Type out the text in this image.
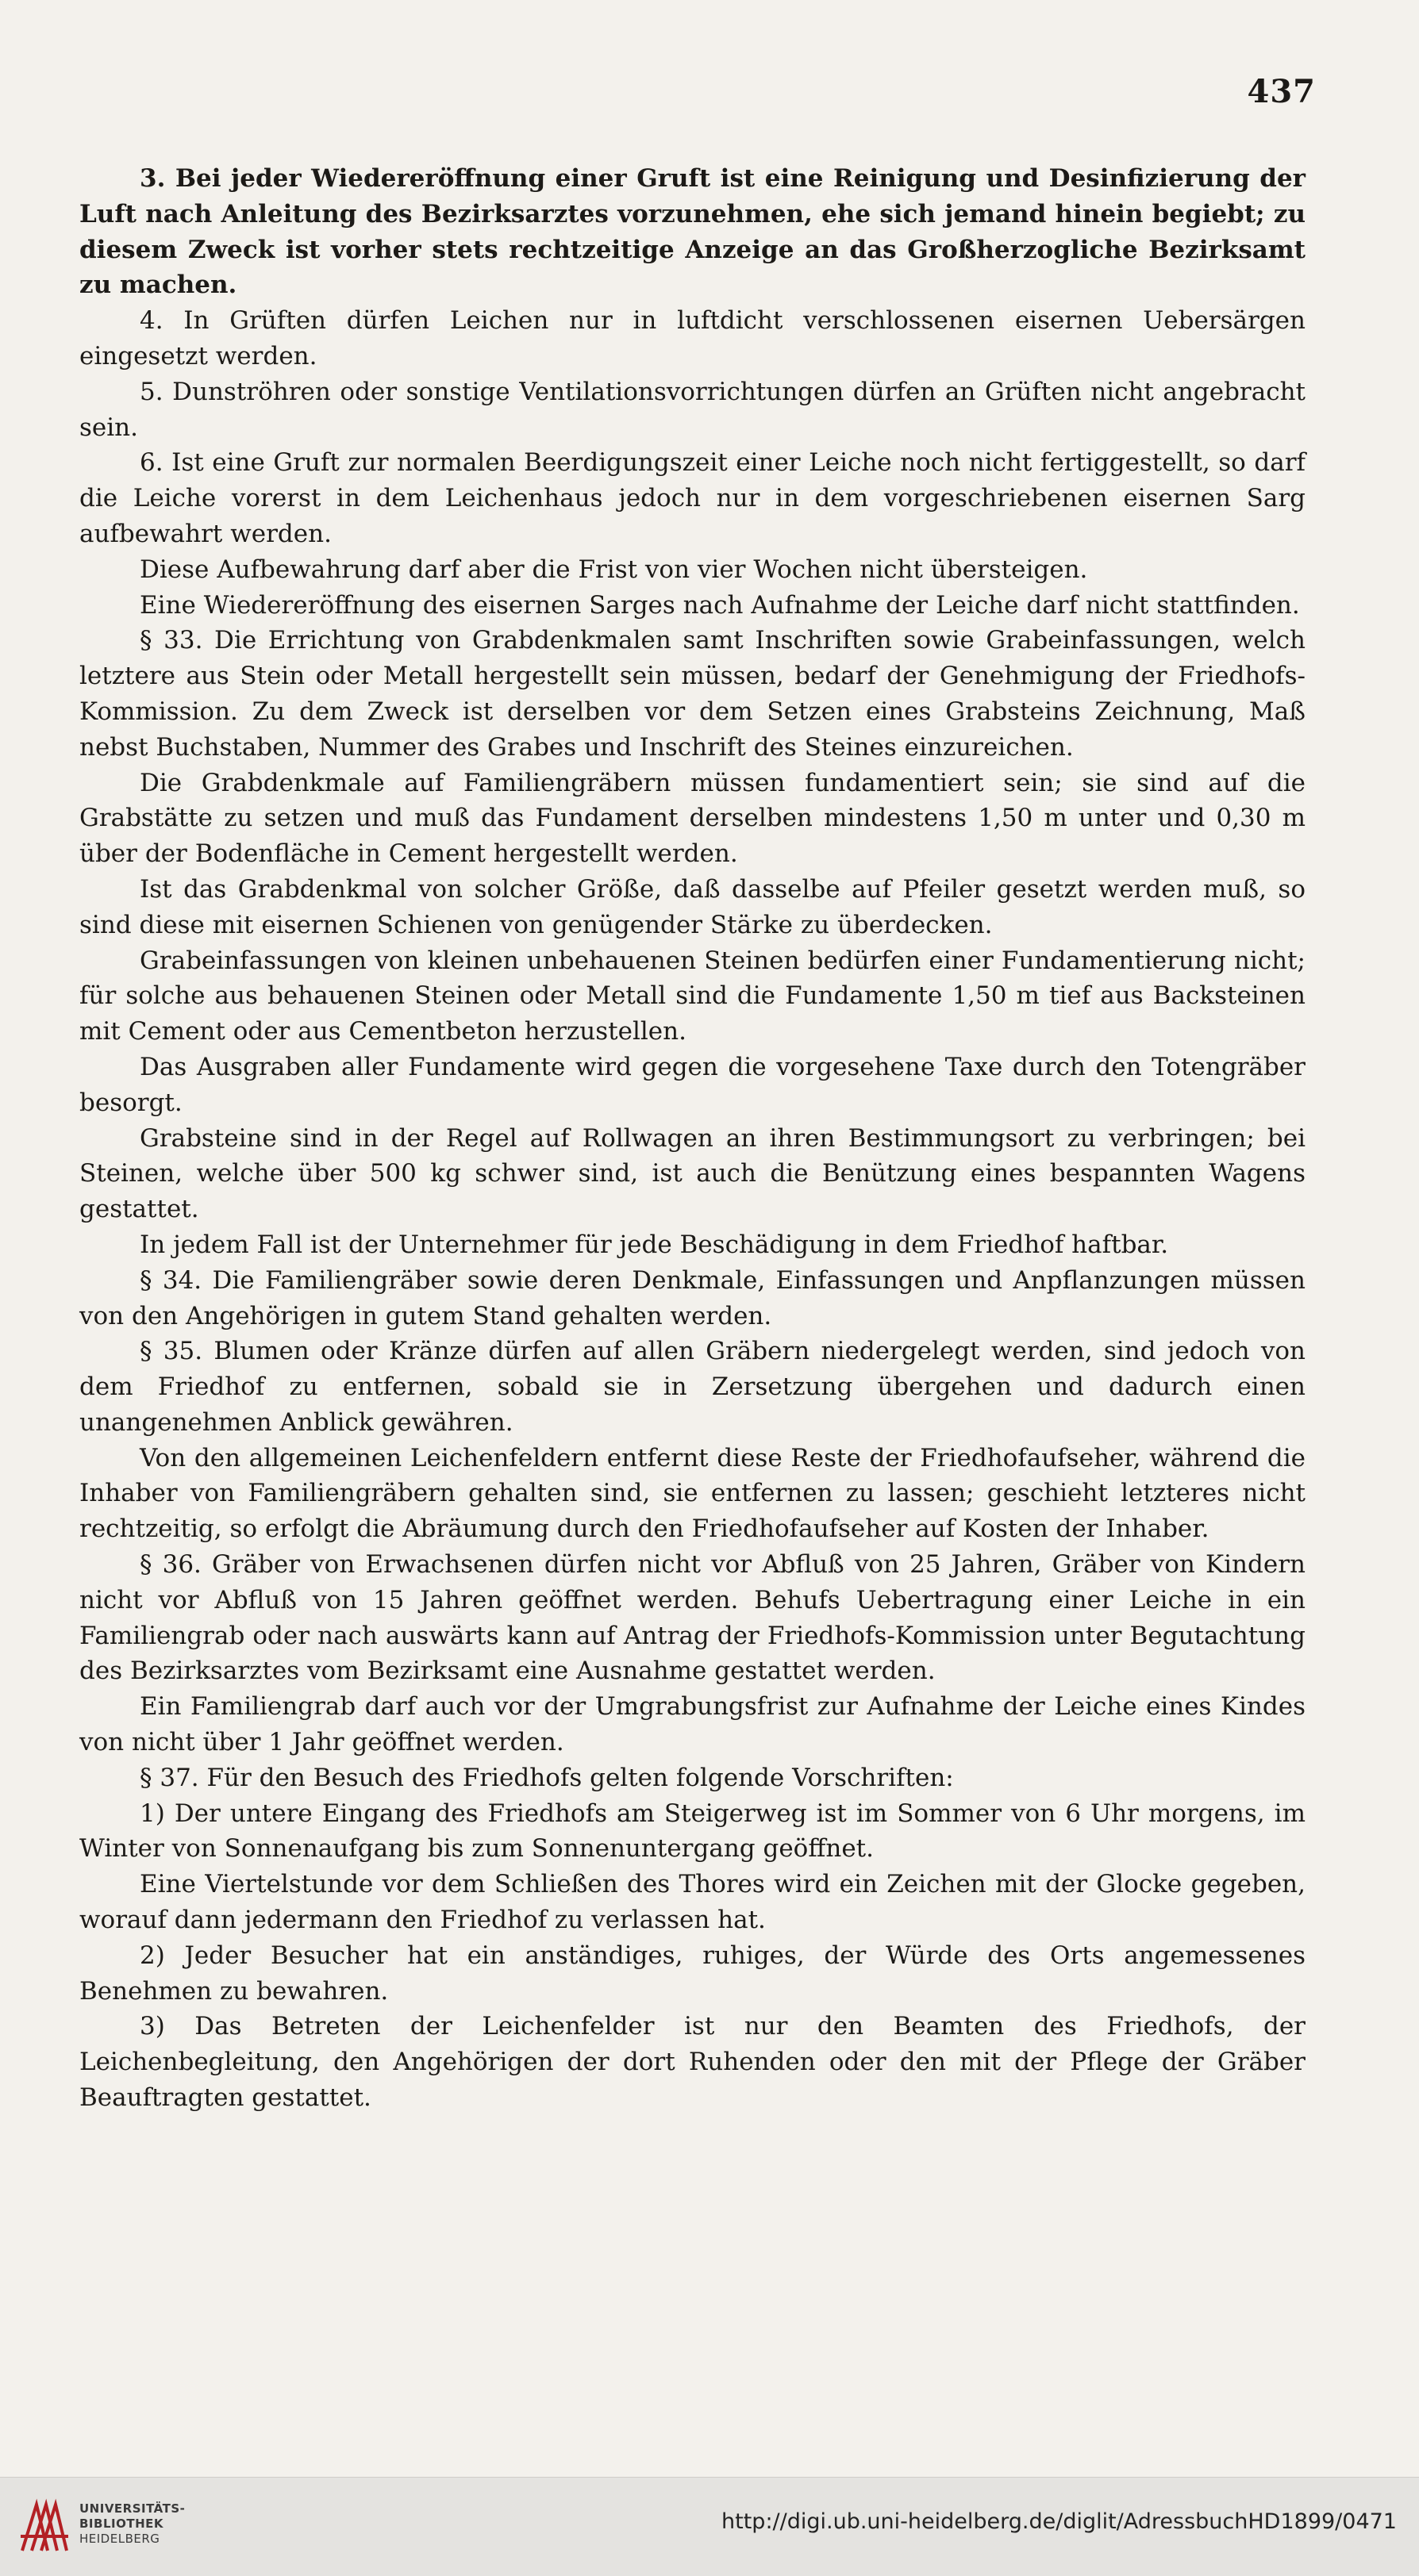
437

3. Bei jeder Wiedereröffnung einer Gruft ist eine Reinigung und Desinfizierung der Luft nach Anleitung des Bezirksarztes vorzunehmen, ehe sich jemand hinein begiebt; zu diesem Zweck ist vorher stets rechtzeitige Anzeige an das Großherzogliche Bezirksamt zu machen.

4. In Grüften dürfen Leichen nur in luftdicht verschlossenen eisernen Uebersärgen eingesetzt werden.

5. Dunströhren oder sonstige Ventilationsvorrichtungen dürfen an Grüften nicht angebracht sein.

6. Ist eine Gruft zur normalen Beerdigungszeit einer Leiche noch nicht fertiggestellt, so darf die Leiche vorerst in dem Leichenhaus jedoch nur in dem vorgeschriebenen eisernen Sarg aufbewahrt werden.

Diese Aufbewahrung darf aber die Frist von vier Wochen nicht übersteigen.

Eine Wiedereröffnung des eisernen Sarges nach Aufnahme der Leiche darf nicht stattfinden.

§ 33. Die Errichtung von Grabdenkmalen samt Inschriften sowie Grabeinfassungen, welch letztere aus Stein oder Metall hergestellt sein müssen, bedarf der Genehmigung der Friedhofs-Kommission. Zu dem Zweck ist derselben vor dem Setzen eines Grabsteins Zeichnung, Maß nebst Buchstaben, Nummer des Grabes und Inschrift des Steines einzureichen.

Die Grabdenkmale auf Familiengräbern müssen fundamentiert sein; sie sind auf die Grabstätte zu setzen und muß das Fundament derselben mindestens 1,50 m unter und 0,30 m über der Bodenfläche in Cement hergestellt werden.

Ist das Grabdenkmal von solcher Größe, daß dasselbe auf Pfeiler gesetzt werden muß, so sind diese mit eisernen Schienen von genügender Stärke zu überdecken.

Grabeinfassungen von kleinen unbehauenen Steinen bedürfen einer Fundamentierung nicht; für solche aus behauenen Steinen oder Metall sind die Fundamente 1,50 m tief aus Backsteinen mit Cement oder aus Cementbeton herzustellen.

Das Ausgraben aller Fundamente wird gegen die vorgesehene Taxe durch den Totengräber besorgt.

Grabsteine sind in der Regel auf Rollwagen an ihren Bestimmungsort zu verbringen; bei Steinen, welche über 500 kg schwer sind, ist auch die Benützung eines bespannten Wagens gestattet.

In jedem Fall ist der Unternehmer für jede Beschädigung in dem Friedhof haftbar.

§ 34. Die Familiengräber sowie deren Denkmale, Einfassungen und Anpflanzungen müssen von den Angehörigen in gutem Stand gehalten werden.

§ 35. Blumen oder Kränze dürfen auf allen Gräbern niedergelegt werden, sind jedoch von dem Friedhof zu entfernen, sobald sie in Zersetzung übergehen und dadurch einen unangenehmen Anblick gewähren.

Von den allgemeinen Leichenfeldern entfernt diese Reste der Friedhofaufseher, während die Inhaber von Familiengräbern gehalten sind, sie entfernen zu lassen; geschieht letzteres nicht rechtzeitig, so erfolgt die Abräumung durch den Friedhofaufseher auf Kosten der Inhaber.

§ 36. Gräber von Erwachsenen dürfen nicht vor Abfluß von 25 Jahren, Gräber von Kindern nicht vor Abfluß von 15 Jahren geöffnet werden. Behufs Uebertragung einer Leiche in ein Familiengrab oder nach auswärts kann auf Antrag der Friedhofs-Kommission unter Begutachtung des Bezirksarztes vom Bezirksamt eine Ausnahme gestattet werden.

Ein Familiengrab darf auch vor der Umgrabungsfrist zur Aufnahme der Leiche eines Kindes von nicht über 1 Jahr geöffnet werden.

§ 37. Für den Besuch des Friedhofs gelten folgende Vorschriften:

1) Der untere Eingang des Friedhofs am Steigerweg ist im Sommer von 6 Uhr morgens, im Winter von Sonnenaufgang bis zum Sonnenuntergang geöffnet.

Eine Viertelstunde vor dem Schließen des Thores wird ein Zeichen mit der Glocke gegeben, worauf dann jedermann den Friedhof zu verlassen hat.

2) Jeder Besucher hat ein anständiges, ruhiges, der Würde des Orts angemessenes Benehmen zu bewahren.

3) Das Betreten der Leichenfelder ist nur den Beamten des Friedhofs, der Leichenbegleitung, den Angehörigen der dort Ruhenden oder den mit der Pflege der Gräber Beauftragten gestattet.

UNIVERSITÄTS-
BIBLIOTHEK
HEIDELBERG
http://digi.ub.uni-heidelberg.de/diglit/AdressbuchHD1899/0471
